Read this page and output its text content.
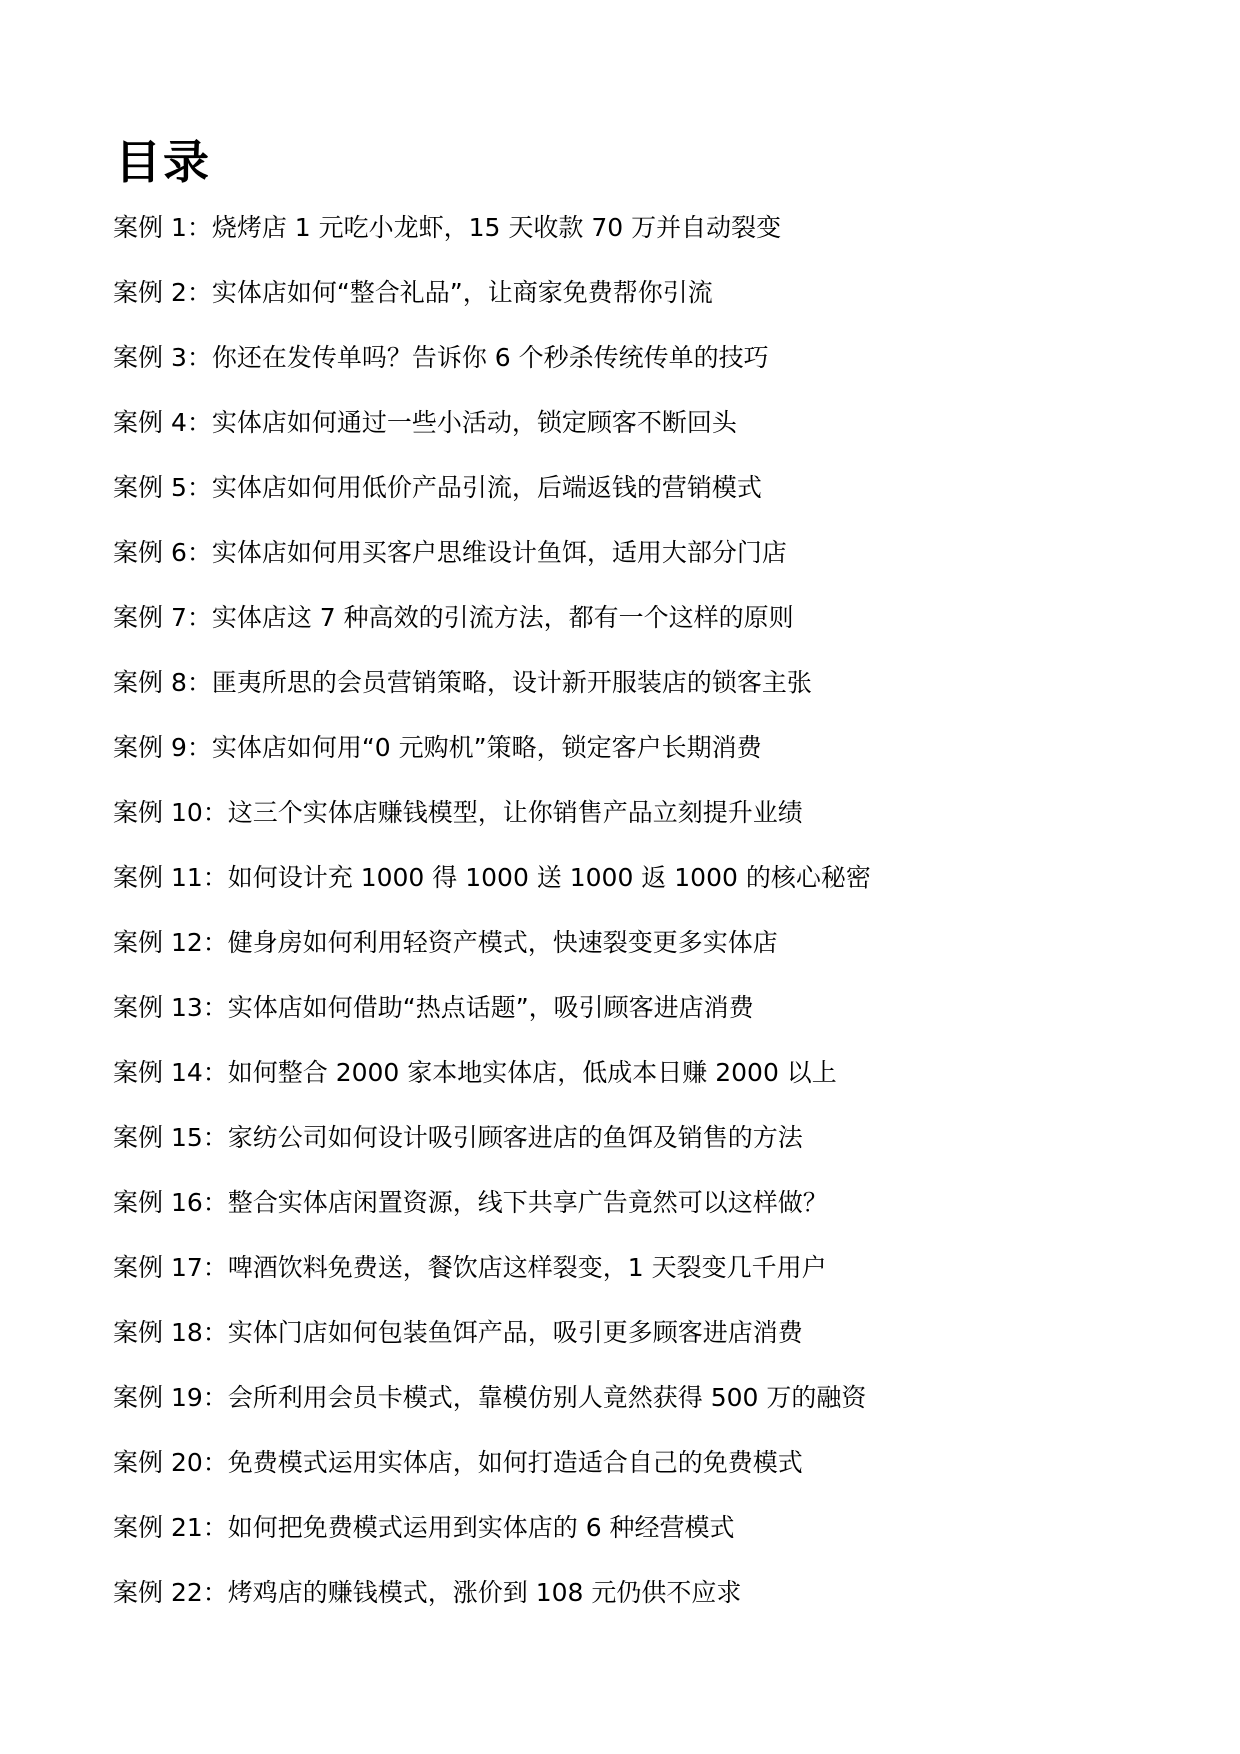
目录
案例 1：烧烤店 1 元吃小龙虾，15 天收款 70 万并自动裂变
案例 2：实体店如何“整合礼品”，让商家免费帮你引流
案例 3：你还在发传单吗？告诉你 6 个秒杀传统传单的技巧
案例 4：实体店如何通过一些小活动，锁定顾客不断回头
案例 5：实体店如何用低价产品引流，后端返钱的营销模式
案例 6：实体店如何用买客户思维设计鱼饵，适用大部分门店
案例 7：实体店这 7 种高效的引流方法，都有一个这样的原则
案例 8：匪夷所思的会员营销策略，设计新开服装店的锁客主张
案例 9：实体店如何用“0 元购机”策略，锁定客户长期消费
案例 10：这三个实体店赚钱模型，让你销售产品立刻提升业绩
案例 11：如何设计充 1000 得 1000 送 1000 返 1000 的核心秘密
案例 12：健身房如何利用轻资产模式，快速裂变更多实体店
案例 13：实体店如何借助“热点话题”，吸引顾客进店消费
案例 14：如何整合 2000 家本地实体店，低成本日赚 2000 以上
案例 15：家纺公司如何设计吸引顾客进店的鱼饵及销售的方法
案例 16：整合实体店闲置资源，线下共享广告竟然可以这样做？
案例 17：啤酒饮料免费送，餐饮店这样裂变，1 天裂变几千用户
案例 18：实体门店如何包装鱼饵产品，吸引更多顾客进店消费
案例 19：会所利用会员卡模式，靠模仿别人竟然获得 500 万的融资
案例 20：免费模式运用实体店，如何打造适合自己的免费模式
案例 21：如何把免费模式运用到实体店的 6 种经营模式
案例 22：烤鸡店的赚钱模式，涨价到 108 元仍供不应求
